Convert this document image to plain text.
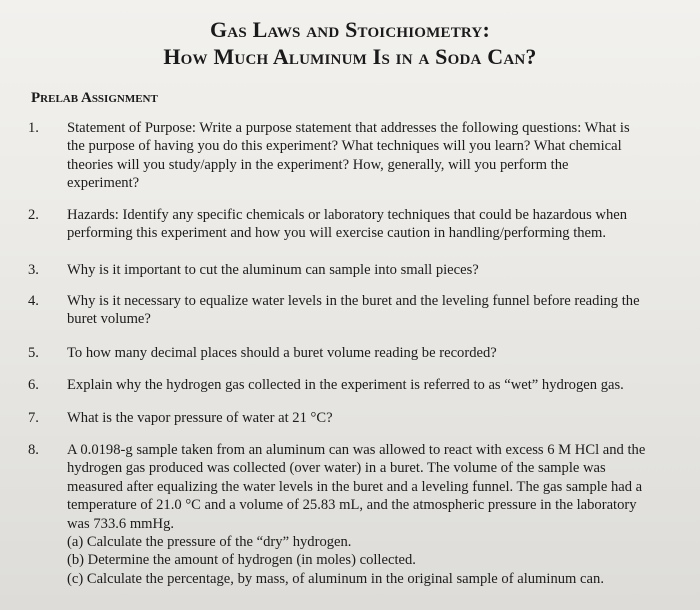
Gas Laws and Stoichiometry:
How Much Aluminum Is in a Soda Can?
Prelab Assignment
1.	Statement of Purpose: Write a purpose statement that addresses the following questions: What is
the purpose of having you do this experiment? What techniques will you learn? What chemical
theories will you study/apply in the experiment? How, generally, will you perform the
experiment?
2.	Hazards: Identify any specific chemicals or laboratory techniques that could be hazardous when
performing this experiment and how you will exercise caution in handling/performing them.
3.	Why is it important to cut the aluminum can sample into small pieces?
4.	Why is it necessary to equalize water levels in the buret and the leveling funnel before reading the
buret volume?
5.	To how many decimal places should a buret volume reading be recorded?
6.	Explain why the hydrogen gas collected in the experiment is referred to as “wet” hydrogen gas.
7.	What is the vapor pressure of water at 21 °C?
8.	A 0.0198-g sample taken from an aluminum can was allowed to react with excess 6 M HCl and the
hydrogen gas produced was collected (over water) in a buret. The volume of the sample was
measured after equalizing the water levels in the buret and a leveling funnel. The gas sample had a
temperature of 21.0 °C and a volume of 25.83 mL, and the atmospheric pressure in the laboratory
was 733.6 mmHg.
(a) Calculate the pressure of the “dry” hydrogen.
(b) Determine the amount of hydrogen (in moles) collected.
(c) Calculate the percentage, by mass, of aluminum in the original sample of aluminum can.
